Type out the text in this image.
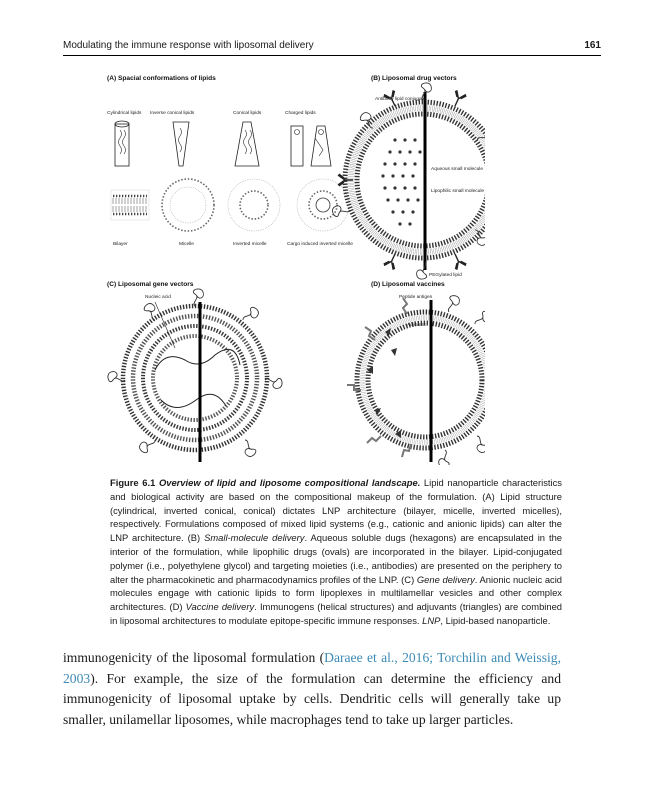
Modulating the immune response with liposomal delivery	161
(A) Spacial conformations of lipids
Cylindrical lipids Inverse conical lipids	Conical lipids	Charged lipids
Bilayer	Micelle	Inverted micelle	Cargo induced inverted micelle
(B) Liposomal drug vectors
Antibody lipid conjugate
Aqueous small molecule
Lipophilic small molecule
PEGylated lipid
(C) Liposomal gene vectors
Nucleic acid
(D) Liposomal vaccines
Peptide antigen
Adjuvant

Figure 6.1 Overview of lipid and liposome compositional landscape. Lipid nanoparticle characteristics and biological activity are based on the compositional makeup of the formulation. (A) Lipid structure (cylindrical, inverted conical, conical) dictates LNP architecture (bilayer, micelle, inverted micelles), respectively. Formulations composed of mixed lipid systems (e.g., cationic and anionic lipids) can alter the LNP architecture. (B) Small-molecule delivery. Aqueous soluble dugs (hexagons) are encapsulated in the interior of the formulation, while lipophilic drugs (ovals) are incorporated in the bilayer. Lipid-conjugated polymer (i.e., polyethylene glycol) and targeting moieties (i.e., antibodies) are presented on the periphery to alter the pharmacokinetic and pharmacodynamics profiles of the LNP. (C) Gene delivery. Anionic nucleic acid molecules engage with cationic lipids to form lipoplexes in multilamellar vesicles and other complex architectures. (D) Vaccine delivery. Immunogens (helical structures) and adjuvants (triangles) are combined in liposomal architectures to modulate epitope-specific immune responses. LNP, Lipid-based nanoparticle.

immunogenicity of the liposomal formulation (Daraee et al., 2016; Torchilin and Weissig, 2003). For example, the size of the formulation can determine the efficiency and immunogenicity of liposomal uptake by cells. Dendritic cells will generally take up smaller, unilamellar liposomes, while macrophages tend to take up larger particles.
